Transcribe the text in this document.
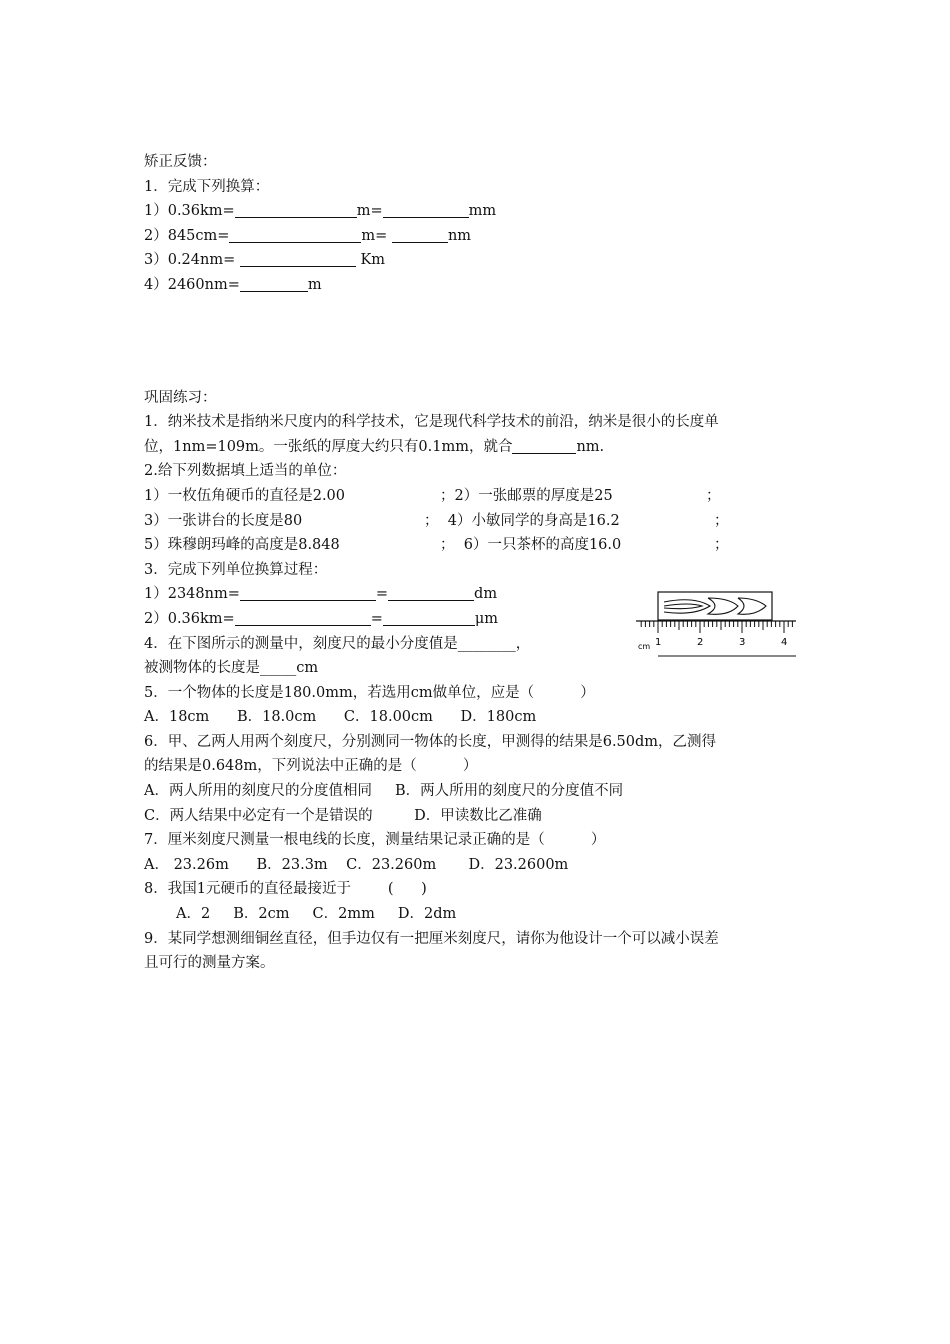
矫正反馈：
1．完成下列换算：
1）0.36km=	m=	mm
2）845cm=	m=	nm
3）0.24nm=	Km
4）2460nm=	m
巩固练习：
1．纳米技术是指纳米尺度内的科学技术，它是现代科学技术的前沿，纳米是很小的长度单
位，1nm=109m。一张纸的厚度大约只有0.1mm，就合	nm.
2.给下列数据填上适当的单位：
1）一枚伍角硬币的直径是2.00	；2）一张邮票的厚度是25	；
3）一张讲台的长度是80	；  4）小敏同学的身高是16.2	；
5）珠穆朗玛峰的高度是8.848	；  6）一只茶杯的高度16.0	；
3．完成下列单位换算过程：
1）2348nm=	=	dm
2）0.36km=	=	μm
4．在下图所示的测量中，刻度尺的最小分度值是________，
被测物体的长度是_____cm
5．一个物体的长度是180.0mm，若选用cm做单位，应是（          ）
A．18cm      B．18.0cm      C．18.00cm      D．180cm
6．甲、乙两人用两个刻度尺，分别测同一物体的长度，甲测得的结果是6.50dm，乙测得
的结果是0.648m，下列说法中正确的是（          ）
A．两人所用的刻度尺的分度值相同     B．两人所用的刻度尺的分度值不同
C．两人结果中必定有一个是错误的         D．甲读数比乙准确
7．厘米刻度尺测量一根电线的长度，测量结果记录正确的是（          ）
A． 23.26m      B．23.3m    C．23.260m       D．23.2600m
8．我国1元硬币的直径最接近于        (      )
A．2     B．2cm     C．2mm     D．2dm
9．某同学想测细铜丝直径，但手边仅有一把厘米刻度尺，请你为他设计一个可以减小误差
且可行的测量方案。
cm 1	2	3	4
